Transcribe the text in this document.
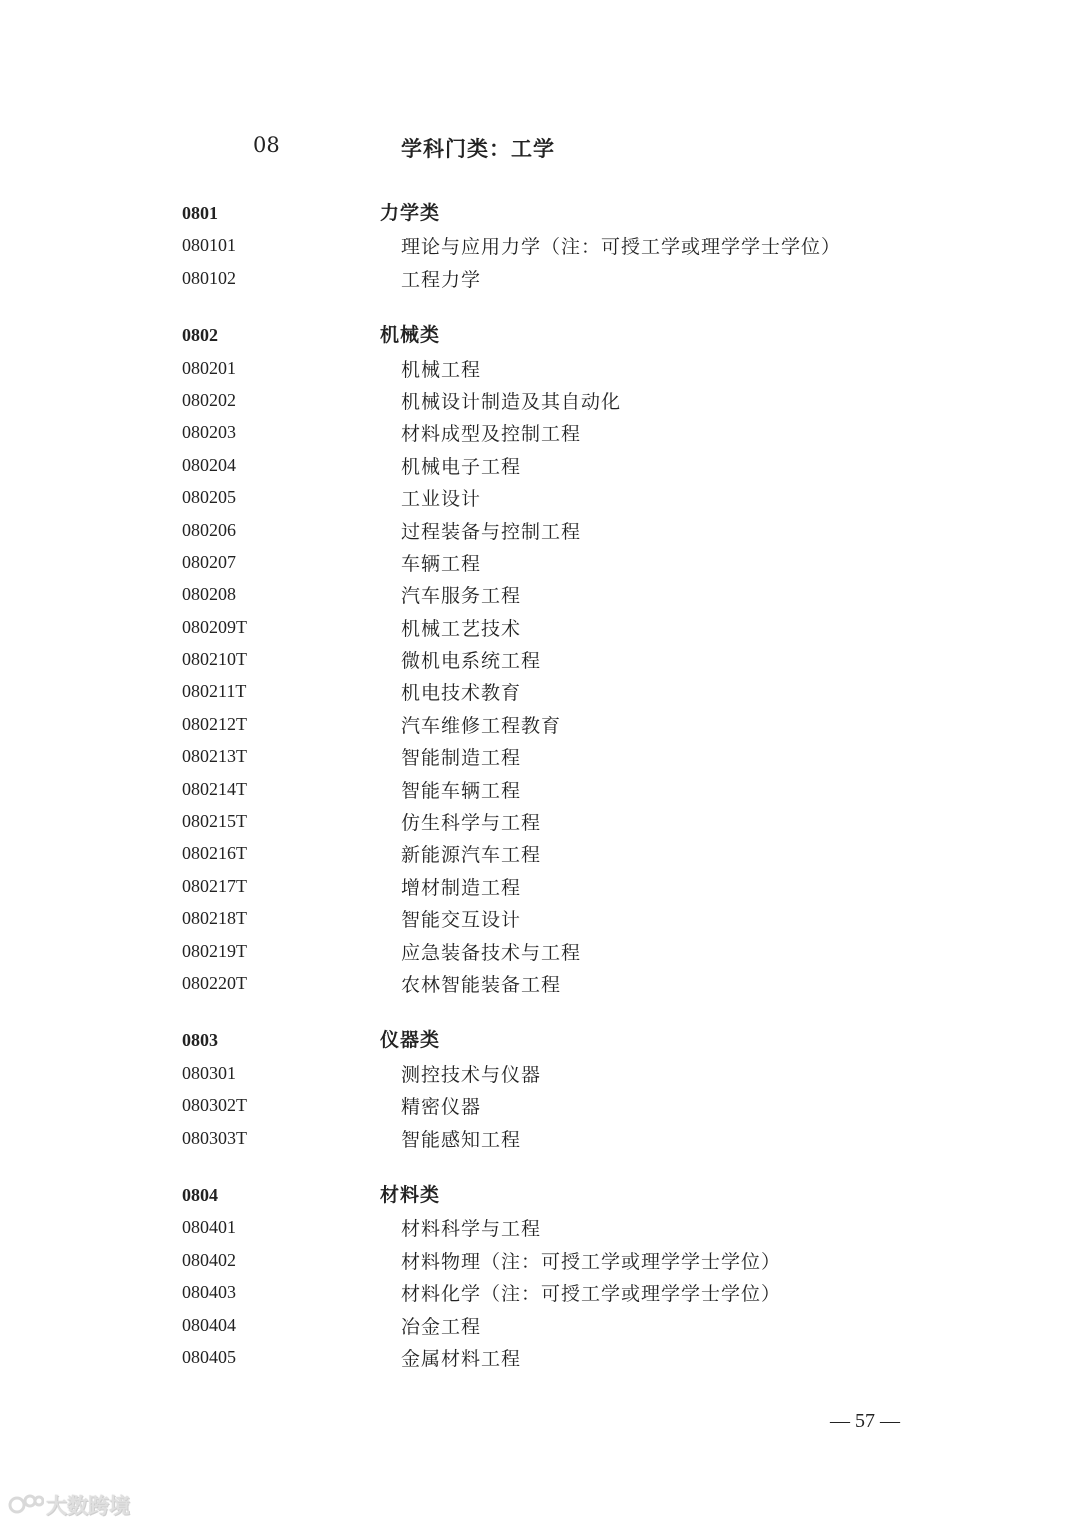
08	学科门类：工学
0801	力学类
080101	理论与应用力学（注：可授工学或理学学士学位）
080102	工程力学
0802	机械类
080201	机械工程
080202	机械设计制造及其自动化
080203	材料成型及控制工程
080204	机械电子工程
080205	工业设计
080206	过程装备与控制工程
080207	车辆工程
080208	汽车服务工程
080209T	机械工艺技术
080210T	微机电系统工程
080211T	机电技术教育
080212T	汽车维修工程教育
080213T	智能制造工程
080214T	智能车辆工程
080215T	仿生科学与工程
080216T	新能源汽车工程
080217T	增材制造工程
080218T	智能交互设计
080219T	应急装备技术与工程
080220T	农林智能装备工程
0803	仪器类
080301	测控技术与仪器
080302T	精密仪器
080303T	智能感知工程
0804	材料类
080401	材料科学与工程
080402	材料物理（注：可授工学或理学学士学位）
080403	材料化学（注：可授工学或理学学士学位）
080404	冶金工程
080405	金属材料工程
— 57 —
大数跨境
